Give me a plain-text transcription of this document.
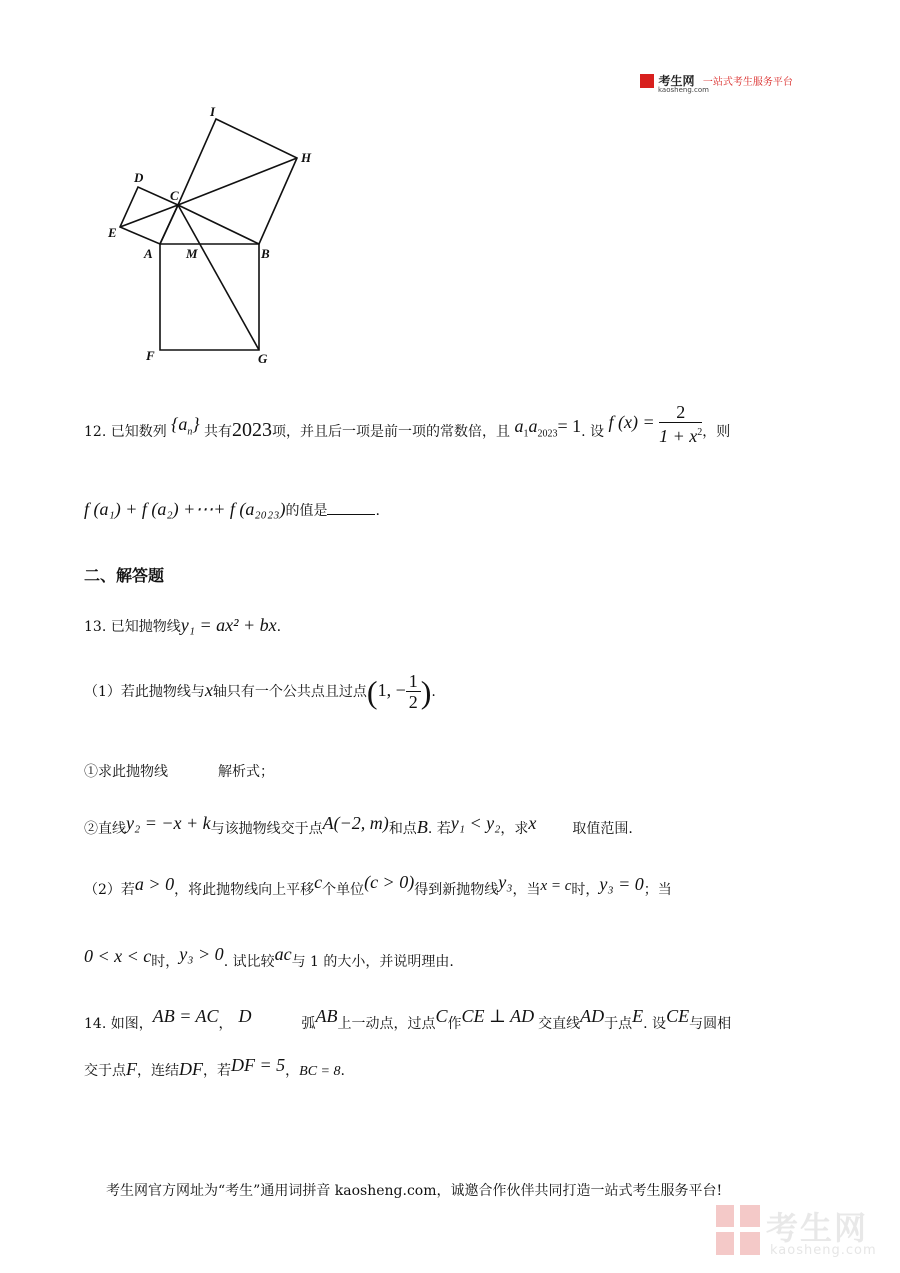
考生网 一站式考生服务平台
kaosheng.com
I
H
D
C
E
A	M	B
F	G
12. 已知数列 $\{a_n\}$ 共有2023项，并且后一项是前一项的常数倍，且 $a_1a_{2023}= 1$. 设 f $(x) = \frac{2}{1 + x^2}$ ，则
f (a₁) + f (a₂) +⋯+ f (a₂₀₂₃)的值是	.
二、解答题
13. 已知抛物线y₁ = ax² + bx.
（1）若此抛物线与x轴只有一个公共点且过点(1, − $\frac{1}{2}$ ).
①求此抛物线	解析式；
②直线y₂ = −x + k与该抛物线交于点A(−2, m)和点B. 若y₁ < y₂，求x	取值范围.
（2）若a > 0，将此抛物线向上平移c个单位(c > 0)得到新抛物线y₃，当x = c时，y₃ = 0；当
0 < x < c时，y₃ > 0. 试比较ac与 1 的大小，并说明理由.
14. 如图，AB = AC， D	弧AB上一动点，过点C作CE ⊥ AD 交直线AD于点E. 设CE与圆相
交于点F，连结DF，若DF = 5，BC = 8.
考生网官方网址为“考生”通用词拼音 kaosheng.com，诚邀合作伙伴共同打造一站式考生服务平台!
考生网
kaosheng.com
